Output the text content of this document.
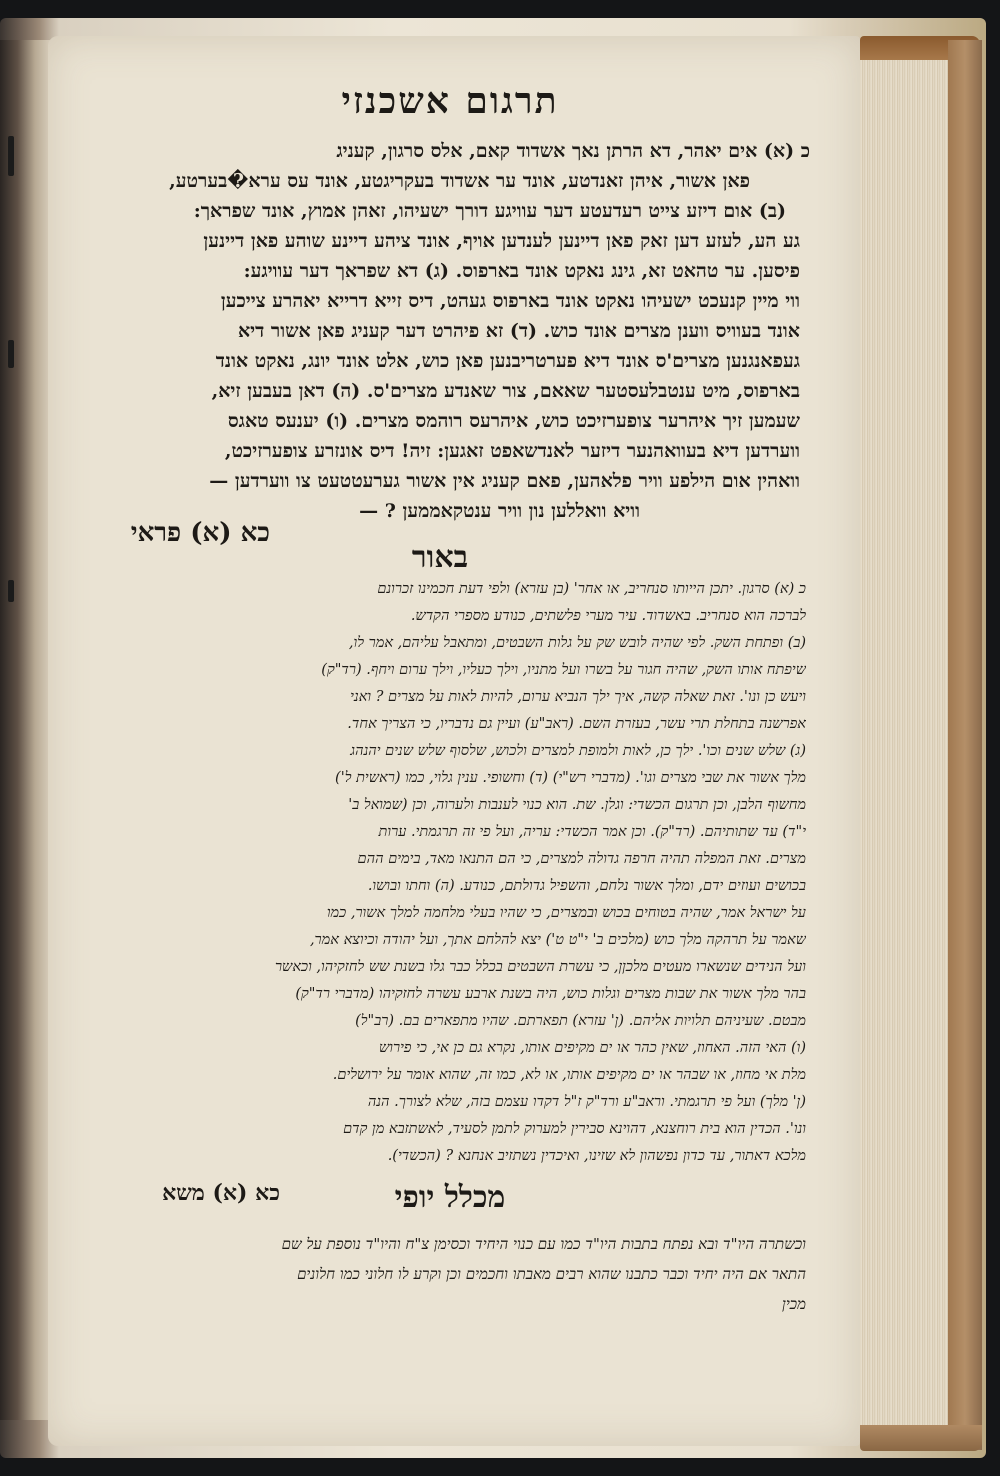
תרגום אשכנזי
כ (א) אים יאהר, דא הרתן נאך אשדוד קאם, אלס סרגון, קעניג
פאן אשור, איהן זאנדטע, אונד ער אשדוד בעקריגטע, אונד עס ערא�בערטע,
(ב) אום דיזע צייט רעדעטע דער עוויגע דורך ישעיהו, זאהן אמוץ, אונד שפראך:
גע הע, לעזע דען זאק פאן דיינען לענדען אויף, אונד ציהע דיינע שוהע פאן דיינען
פיסען. ער טהאט זא, גינג נאקט אונד בארפוס. (ג) דא שפראך דער עוויגע:
ווי מיין קנעכט ישעיהו נאקט אונד בארפוס געהט, דיס זייא דרייא יאהרע צייכען
אונד בעוויס ווענן מצרים אונד כוש. (ד) זא פיהרט דער קעניג פאן אשור דיא
געפאנגנען מצרים'ס אונד דיא פערטריבנען פאן כוש, אלט אונד יונג, נאקט אונד
בארפוס, מיט ענטבלעסטער שאאם, צור שאנדע מצרים'ס. (ה) דאן בעבען זיא,
שעמען זיך איהרער צופערזיכט כוש, איהרעס רוהמס מצרים. (ו) יענעס טאגס
ווערדען דיא בעוואהנער דיזער לאנדשאפט זאגען: זיה! דיס אונזרע צופערזיכט,
וואהין אום הילפע וויר פלאהען, פאם קעניג אין אשור גערעטטעט צו ווערדען —
וויא וואללען נון וויר ענטקאממען ? —
כא (א) פראי
באור
כ (א) סרגון. יתכן הייותו סנחריב, או אחר' (בן עזרא) ולפי דעת חכמינו זכרונם
לברכה הוא סנחריב. באשדוד. עיר מערי פלשתים, כנודע מספרי הקדש.
(ב) ופתחת השק. לפי שהיה לובש שק על גלות השבטים, ומתאבל עליהם, אמר לו,
שיפתח אותו השק, שהיה חגור על בשרו ועל מתניו, וילך כעליו, וילך ערום ויחף. (רד"ק)
ויעש כן ונו'. זאת שאלה קשה, איך ילך הנביא ערום, להיות לאות על מצרים ? ואני
אפרשנה בתחלת תרי עשר, בעזרת השם. (ראב"ע) ועיין גם נדבריו, כי הצריך אחד.
(ג) שלש שנים וכו'. ילך כן, לאות ולמופת למצרים ולכוש, שלסוף שלש שנים יהנהג
מלך אשור את שבי מצרים וגו'. (מדברי רש"י) (ד) וחשופי. ענין גלוי, כמו (ראשית ל')
מחשוף הלבן, וכן תרגום הכשדי: וגלן. שת. הוא כנוי לענבות ולערוה, וכן (שמואל ב'
י"ד) עד שתותיהם. (רד"ק). וכן אמר הכשדי: עריה, ועל פי זה תרגמתי. ערות
מצרים. זאת המפלה תהיה חרפה גדולה למצרים, כי הם התנאו מאד, בימים ההם
בכושים ועוזים ידם, ומלך אשור נלחם, והשפיל גדולתם, כנודע. (ה) וחתו ובושו.
על ישראל אמר, שהיה בטוחים בכוש ובמצרים, כי שהיו בעלי מלחמה למלך אשור, כמו
שאמר על תרהקה מלך כוש (מלכים ב' י"ט ט') יצא להלחם אתך, ועל יהודה וכיוצא אמר,
ועל הנידים שנשארו מעטים מלכןן, כי עשרת השבטים בכלל כבר גלו בשנת שש לחזקיהו, וכאשר
בהר מלך אשור את שבות מצרים וגלות כוש, היה בשנת ארבע עשרה לחזקיהו (מדברי רד"ק)
מבטם. שעיניהם תלויות אליהם. (ן' עזרא) תפארתם. שהיו מתפארים בם. (רב"ל)
(ו) האי הזה. האחוז, שאין כהר או ים מקיפים אותו, נקרא גם כן אי, כי פירוש
מלת אי מחוז, או שבהר או ים מקיפים אותו, או לא, כמו זה, שהוא אומר על ירושלים.
(ן' מלך) ועל פי תרגמתי. וראב"ע ורד"ק ז"ל דקדו עצמם בזה, שלא לצורך. הנה
ונו'. הכדין הוא בית רוחצנא, דהוינא סבירין למערוק לתמן לסעיד, לאשתזבא מן קדם
מלכא דאתור, עד כדון נפשהון לא שזינו, ואיכדין נשתזיב אנחנא ? (הכשדי).
מכלל יופי
כא (א) משא
וכשתרה היו"ד ובא נפתח בתבות היו"ד כמו עם כנוי היחיד וכסימן צ"ח והיו"ד נוספת על שם
התאר אם היה יחיד וכבר כתבנו שהוא רבים מאבתו וחכמים וכן וקרע לו חלוני כמו חלונים
מכין
